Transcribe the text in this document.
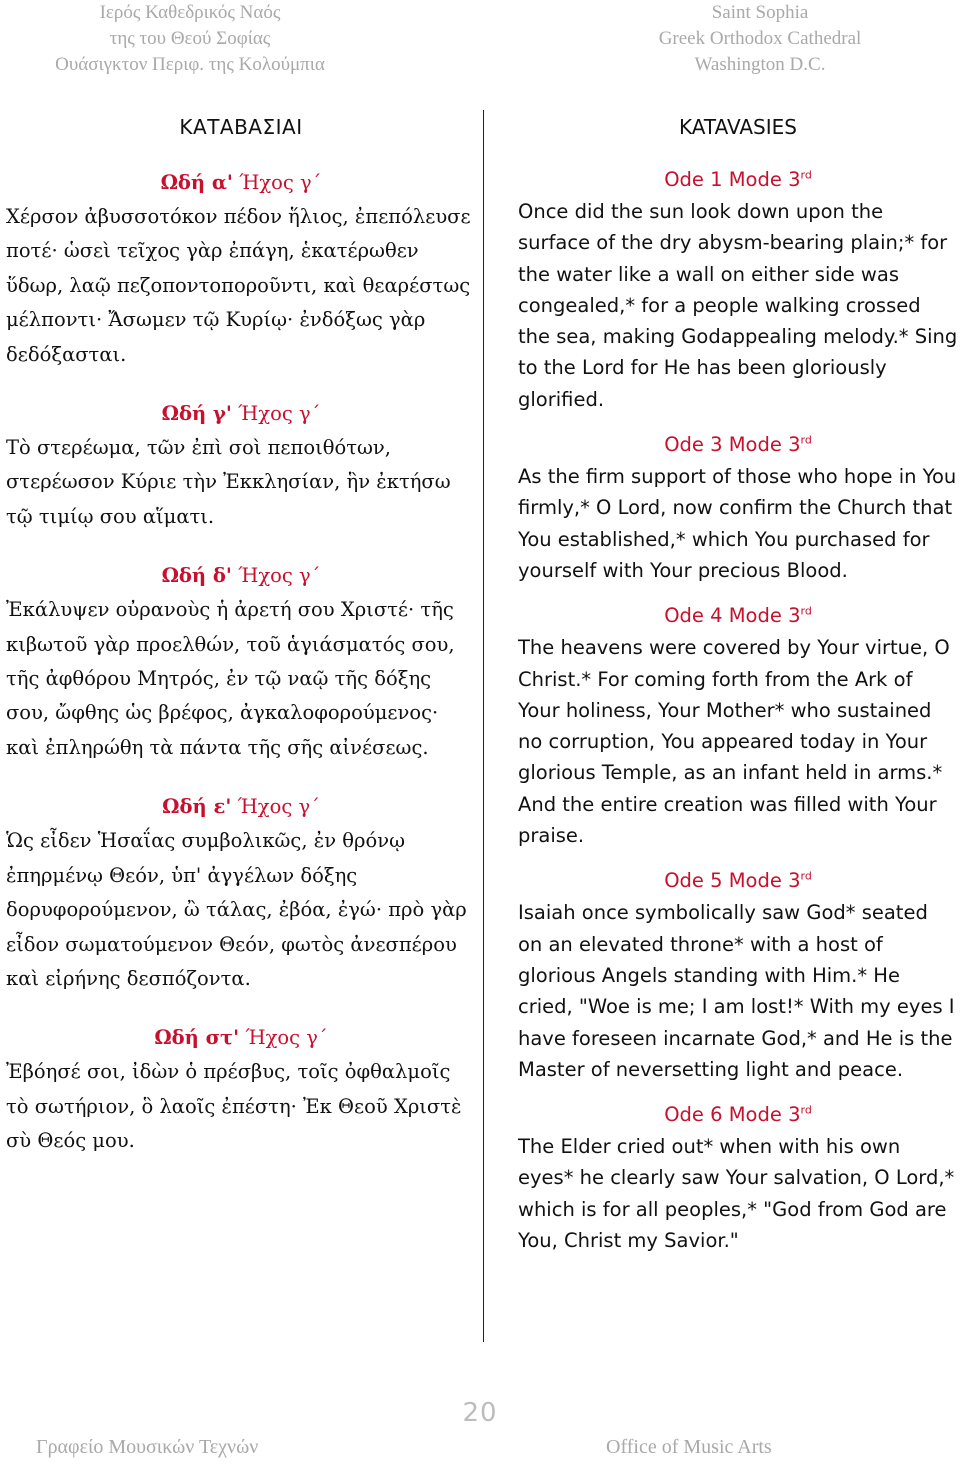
Ιερός Καθεδρικός Ναός
της του Θεού Σοφίας
Ουάσιγκτον Περιφ. της Κολούμπια
Saint Sophia
Greek Orthodox Cathedral
Washington D.C.
ΚΑΤΑΒΑΣΙΑΙ
Ωδή α' Ήχος γ΄
Χέρσον ἀβυσσοτόκον πέδον ἥλιος, ἐπεπόλευσε ποτέ· ὡσεὶ τεῖχος γὰρ ἐπάγη, ἑκατέρωθεν ὕδωρ, λαῷ πεζοποντοποροῦντι, καὶ θεαρέστως μέλποντι· Ἄσωμεν τῷ Κυρίῳ· ἐνδόξως γὰρ δεδόξασται.
Ωδή γ' Ήχος γ΄
Τὸ στερέωμα, τῶν ἐπὶ σοὶ πεποιθότων, στερέωσον Κύριε τὴν Ἐκκλησίαν, ἣν ἐκτήσω τῷ τιμίῳ σου αἵματι.
Ωδή δ' Ήχος γ΄
Ἐκάλυψεν οὐρανοὺς ἡ ἀρετή σου Χριστέ· τῆς κιβωτοῦ γὰρ προελθών, τοῦ ἁγιάσματός σου, τῆς ἀφθόρου Μητρός, ἐν τῷ ναῷ τῆς δόξης σου, ὤφθης ὡς βρέφος, ἀγκαλοφορούμενος· καὶ ἐπληρώθη τὰ πάντα τῆς σῆς αἰνέσεως.
Ωδή ε' Ήχος γ΄
Ὡς εἶδεν Ἡσαΐας συμβολικῶς, ἐν θρόνῳ ἐπηρμένῳ Θεόν, ὑπ' ἀγγέλων δόξης δορυφορούμενον, ὢ τάλας, ἐβόα, ἐγώ· πρὸ γὰρ εἶδον σωματούμενον Θεόν, φωτὸς ἀνεσπέρου καὶ εἰρήνης δεσπόζοντα.
Ωδή στ' Ήχος γ΄
Ἐβόησέ σοι, ἰδὼν ὁ πρέσβυς, τοῖς ὀφθαλμοῖς τὸ σωτήριον, ὃ λαοῖς ἐπέστη· Ἐκ Θεοῦ Χριστὲ σὺ Θεός μου.
KATAVASIES
Ode 1 Mode 3rd
Once did the sun look down upon the surface of the dry abysm-bearing plain;* for the water like a wall on either side was congealed,* for a people walking crossed the sea, making Godappealing melody.* Sing to the Lord for He has been gloriously glorified.
Ode 3 Mode 3rd
As the firm support of those who hope in You firmly,* O Lord, now confirm the Church that You established,* which You purchased for yourself with Your precious Blood.
Ode 4 Mode 3rd
The heavens were covered by Your virtue, O Christ.* For coming forth from the Ark of Your holiness, Your Mother* who sustained no corruption, You appeared today in Your glorious Temple, as an infant held in arms.* And the entire creation was filled with Your praise.
Ode 5 Mode 3rd
Isaiah once symbolically saw God* seated on an elevated throne* with a host of glorious Angels standing with Him.* He cried, "Woe is me; I am lost!* With my eyes I have foreseen incarnate God,* and He is the Master of neversetting light and peace.
Ode 6 Mode 3rd
The Elder cried out* when with his own eyes* he clearly saw Your salvation, O Lord,* which is for all peoples,* "God from God are You, Christ my Savior."
20
Γραφείο Μουσικών Τεχνών	Office of Music Arts
